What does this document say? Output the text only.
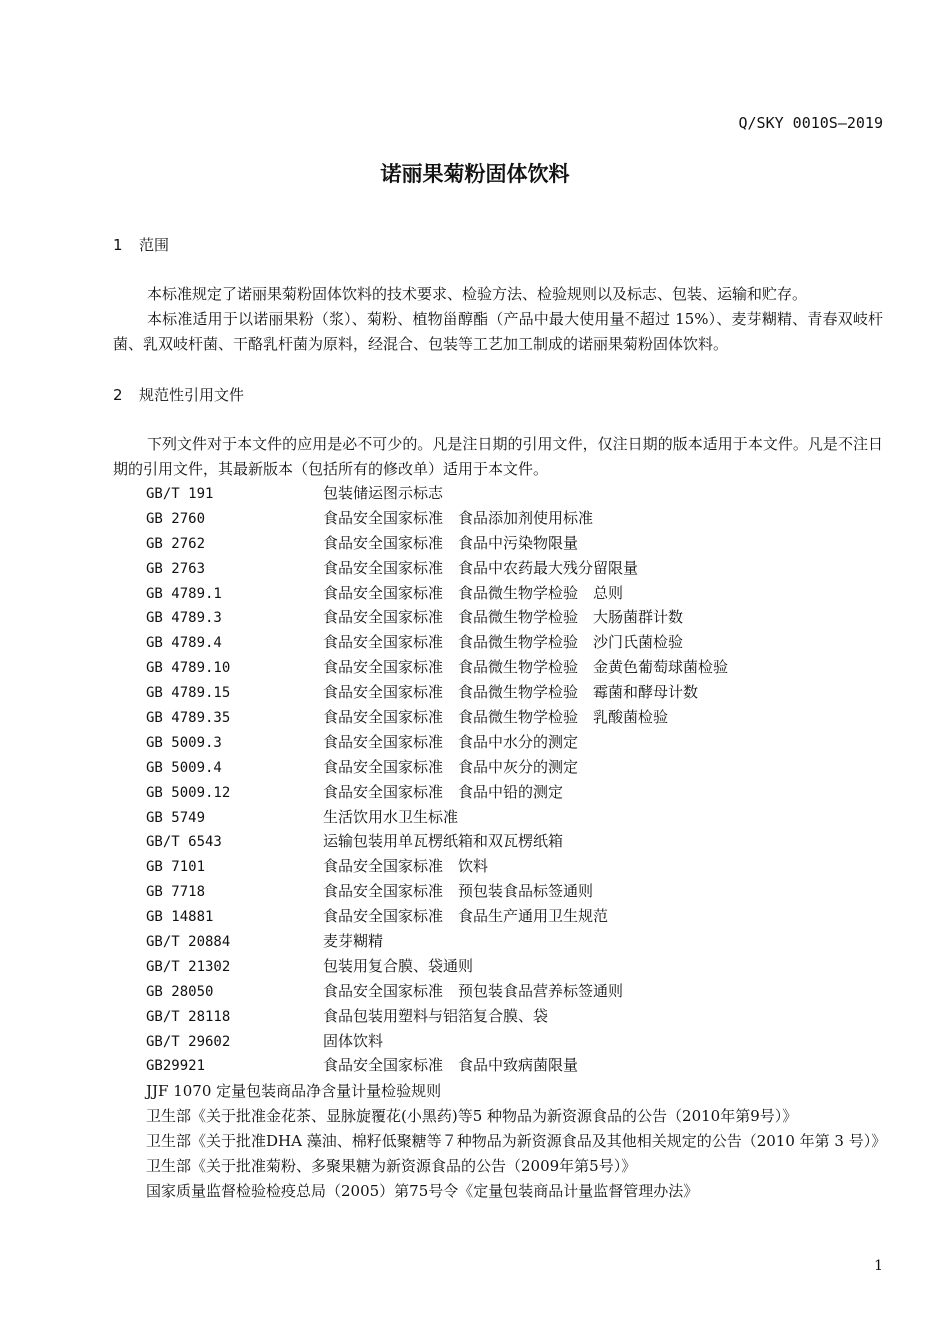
Q/SKY 0010S—2019
诺丽果菊粉固体饮料
1 范围
本标准规定了诺丽果菊粉固体饮料的技术要求、检验方法、检验规则以及标志、包装、运输和贮存。
本标准适用于以诺丽果粉（浆）、菊粉、植物甾醇酯（产品中最大使用量不超过 15%）、麦芽糊精、青春双岐杆菌、乳双岐杆菌、干酪乳杆菌为原料，经混合、包装等工艺加工制成的诺丽果菊粉固体饮料。
2 规范性引用文件
下列文件对于本文件的应用是必不可少的。凡是注日期的引用文件，仅注日期的版本适用于本文件。凡是不注日期的引用文件，其最新版本（包括所有的修改单）适用于本文件。
GB/T 191	包装储运图示标志
GB 2760	食品安全国家标准　食品添加剂使用标准
GB 2762	食品安全国家标准　食品中污染物限量
GB 2763	食品安全国家标准　食品中农药最大残分留限量
GB 4789.1	食品安全国家标准　食品微生物学检验　总则
GB 4789.3	食品安全国家标准　食品微生物学检验　大肠菌群计数
GB 4789.4	食品安全国家标准　食品微生物学检验　沙门氏菌检验
GB 4789.10	食品安全国家标准　食品微生物学检验　金黄色葡萄球菌检验
GB 4789.15	食品安全国家标准　食品微生物学检验　霉菌和酵母计数
GB 4789.35	食品安全国家标准　食品微生物学检验　乳酸菌检验
GB 5009.3	食品安全国家标准　食品中水分的测定
GB 5009.4	食品安全国家标准　食品中灰分的测定
GB 5009.12	食品安全国家标准　食品中铅的测定
GB 5749	生活饮用水卫生标准
GB/T 6543	运输包装用单瓦楞纸箱和双瓦楞纸箱
GB 7101	食品安全国家标准　饮料
GB 7718	食品安全国家标准　预包装食品标签通则
GB 14881	食品安全国家标准　食品生产通用卫生规范
GB/T 20884	麦芽糊精
GB/T 21302	包装用复合膜、袋通则
GB 28050	食品安全国家标准　预包装食品营养标签通则
GB/T 28118	食品包装用塑料与铝箔复合膜、袋
GB/T 29602	固体饮料
GB29921	食品安全国家标准　食品中致病菌限量

JJF 1070 定量包装商品净含量计量检验规则

卫生部《关于批准金花茶、显脉旋覆花(小黑药)等5 种物品为新资源食品的公告（2010年第9号）》

卫生部《关于批准DHA 藻油、棉籽低聚糖等７种物品为新资源食品及其他相关规定的公告（2010 年第 3 号）》

卫生部《关于批准菊粉、多聚果糖为新资源食品的公告（2009年第5号）》

国家质量监督检验检疫总局（2005）第75号令《定量包装商品计量监督管理办法》

1
